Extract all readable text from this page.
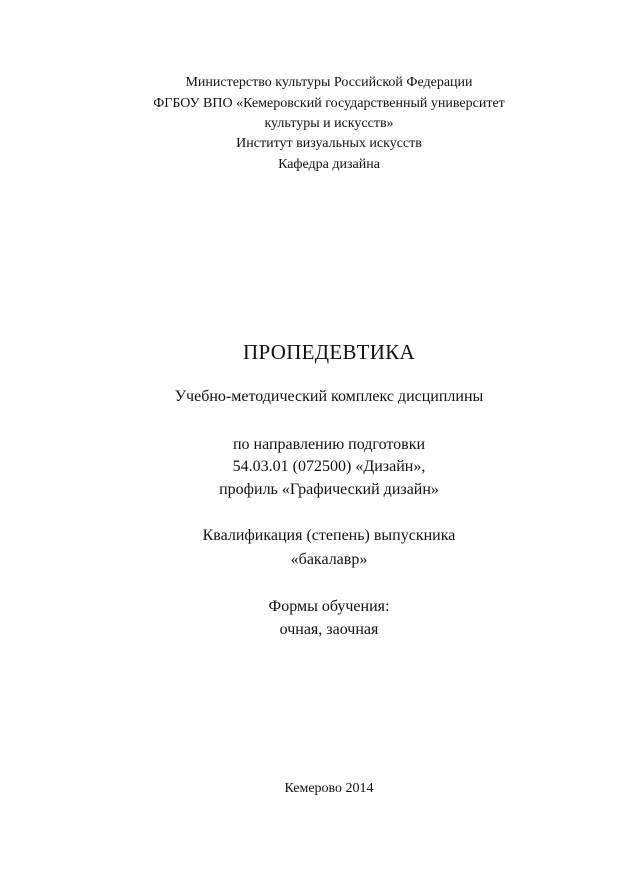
Министерство культуры Российской Федерации
ФГБОУ ВПО «Кемеровский государственный университет
культуры и искусств»
Институт визуальных искусств
Кафедра дизайна
ПРОПЕДЕВТИКА
Учебно-методический комплекс дисциплины
по направлению подготовки
54.03.01 (072500) «Дизайн»,
профиль «Графический дизайн»
Квалификация (степень) выпускника
«бакалавр»
Формы обучения:
очная, заочная
Кемерово 2014
